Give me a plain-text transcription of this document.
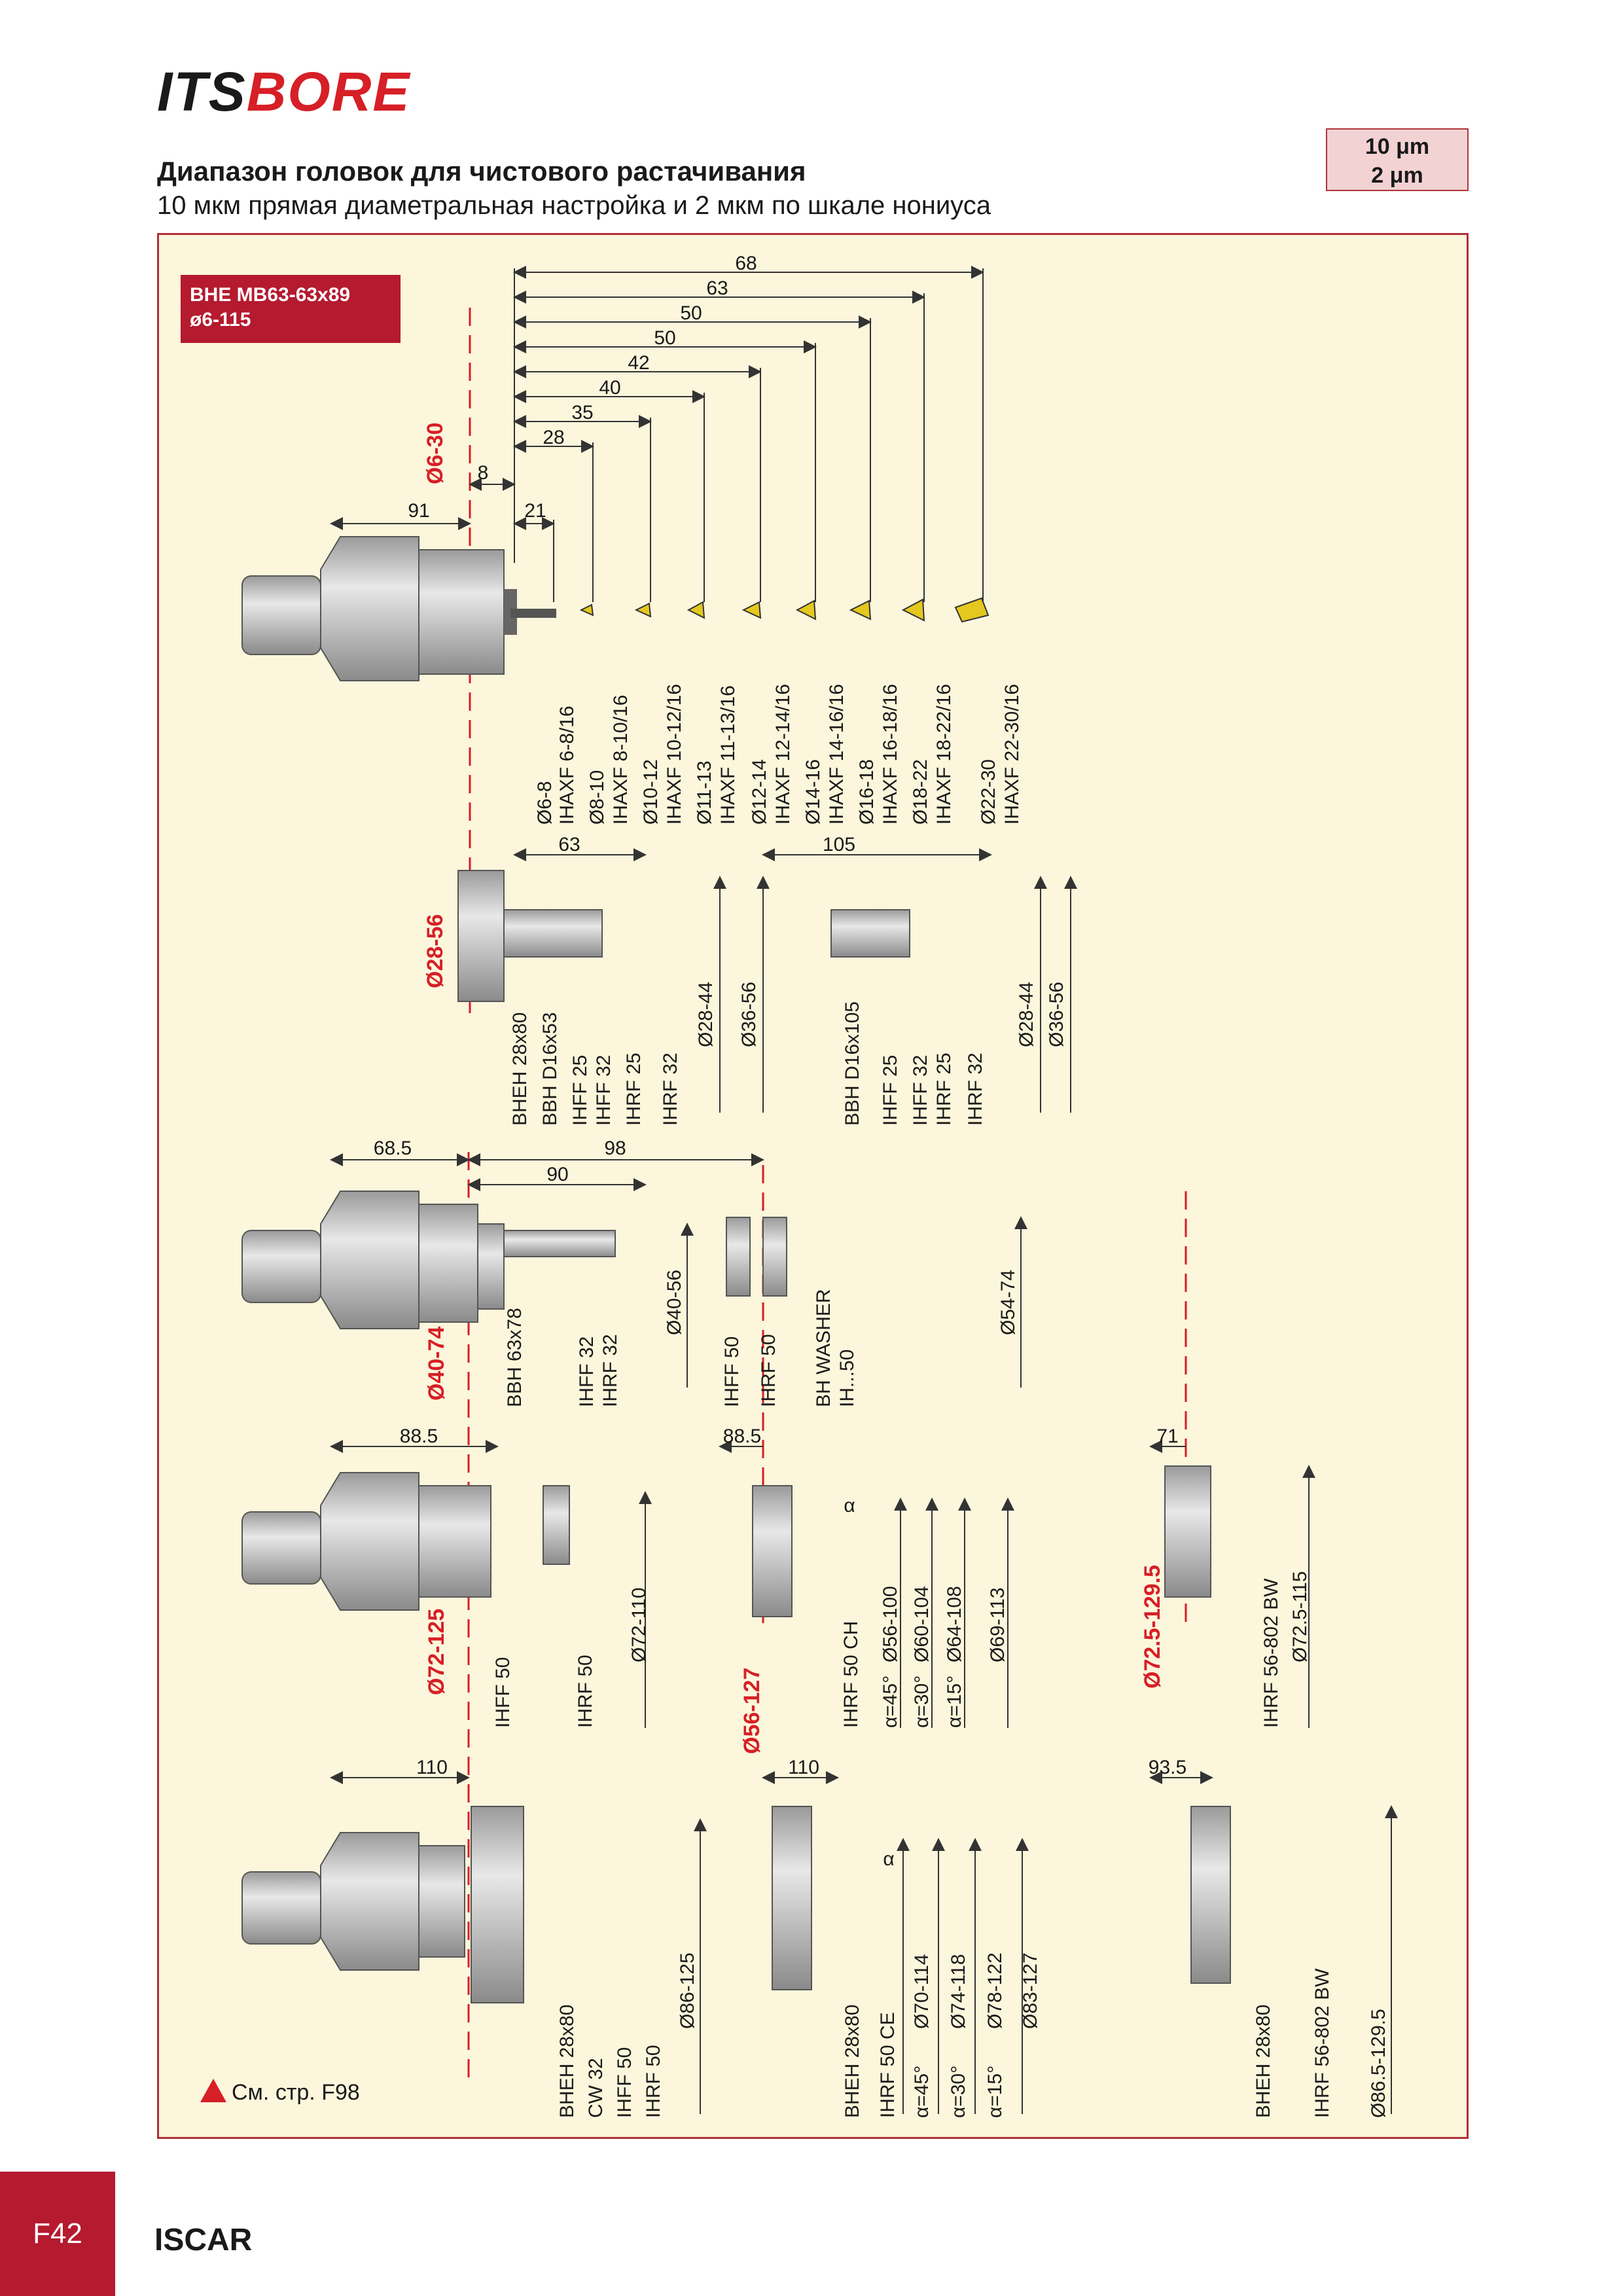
ITSBORE
Диапазон головок для чистового растачивания
10 мкм прямая диаметральная настройка и 2 мкм по шкале нониуса
10 μm
2 μm
BHE MB63-63x89
ø6-115
68
63
50
50
42
40
35
28
8
21
91
Ø6-30
Ø6-8 IHAXF 6-8/16 Ø8-10 IHAXF 8-10/16 Ø10-12 IHAXF 10-12/16 Ø11-13 IHAXF 11-13/16 Ø12-14 IHAXF 12-14/16 Ø14-16 IHAXF 14-16/16 Ø16-18 IHAXF 16-18/16 Ø18-22 IHAXF 18-22/16 Ø22-30 IHAXF 22-30/16
Ø28-56
63	105
BHEH 28x80 BBH D16x53 IHFF 25 IHFF 32 IHRF 25 IHRF 32
Ø28-44 Ø36-56	BBH D16x105 IHFF 25 IHFF 32 IHRF 25 IHRF 32
Ø28-44 Ø36-56
Ø40-74
68.5	98
90
BBH 63x78	IHFF 32 IHRF 32
Ø40-56
IHFF 50 IHRF 50 BH WASHER IH...50
Ø54-74
Ø72-125
Ø56-127
Ø72.5-129.5
88.5	88.5	71
α
α
IHFF 50	IHRF 50
Ø72-110	IHRF 50 CH α=45°
Ø56-100
α=30°
Ø60-104
α=15°
Ø64-108 Ø69-113	IHRF 56-802 BW Ø72.5-115
110	110	93.5
BHEH 28x80 CW 32 IHFF 50 IHRF 50
Ø86-125
BHEH 28x80 IHRF 50 CE α=45°
Ø70-114
α=30°
Ø74-118
α=15°
Ø78-122 Ø83-127
BHEH 28x80 IHRF 56-802 BW Ø86.5-129.5
См. стр. F98
F42	ISCAR
